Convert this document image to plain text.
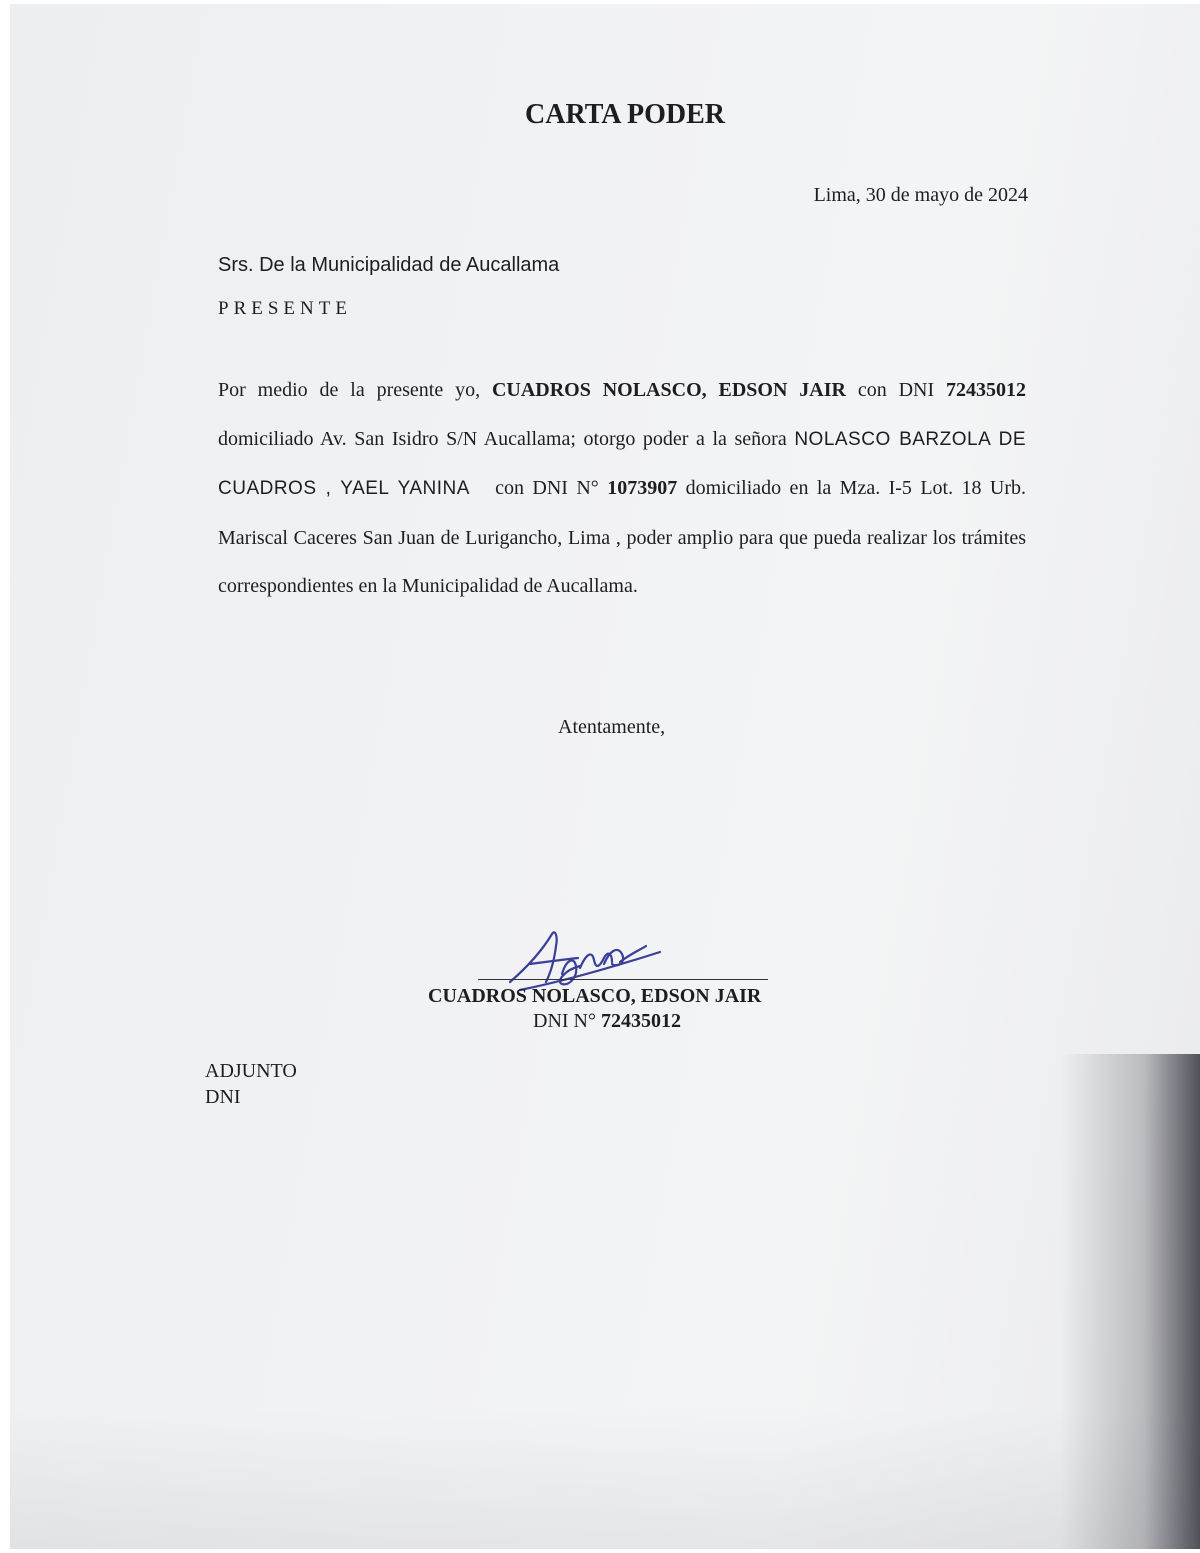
CARTA PODER
Lima, 30 de mayo de 2024
Srs. De la Municipalidad de Aucallama
PRESENTE

Por medio de la presente yo, CUADROS NOLASCO, EDSON JAIR con DNI 72435012 domiciliado Av. San Isidro S/N Aucallama; otorgo poder a la señora NOLASCO BARZOLA DE CUADROS , YAEL YANINA con DNI N° 1073907 domiciliado en la Mza. I-5 Lot. 18 Urb. Mariscal Caceres San Juan de Lurigancho, Lima , poder amplio para que pueda realizar los trámites correspondientes en la Municipalidad de Aucallama.

Atentamente,
CUADROS NOLASCO, EDSON JAIR
DNI N° 72435012
ADJUNTO
DNI
